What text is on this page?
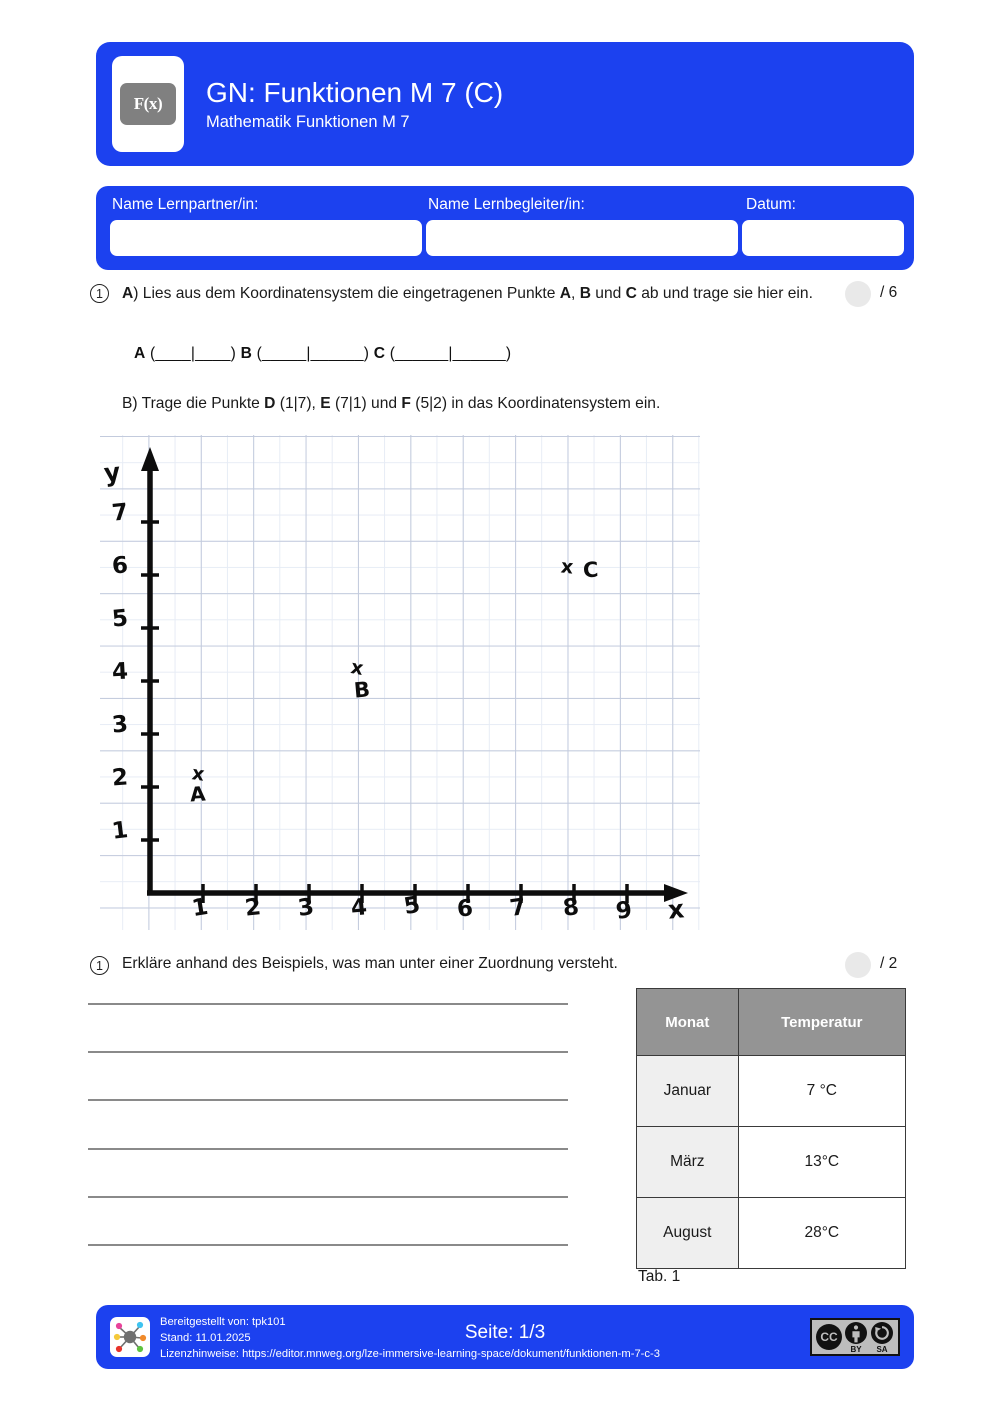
F(x)	GN: Funktionen M 7 (C)
Mathematik Funktionen M 7
Name Lernpartner/in:	Name Lernbegleiter/in:	Datum:
1	A) Lies aus dem Koordinatensystem die eingetragenen Punkte A, B und C ab und trage sie hier ein.	/ 6
A (____|____) B (_____|______) C (______|______)
B) Trage die Punkte D (1|7), E (7|1) und F (5|2) in das Koordinatensystem ein.
7
6
5
4
3
2
1
y
1 2 3 4 5 6 7 8 9 x
x
A
x
B
x C
1	Erkläre anhand des Beispiels, was man unter einer Zuordnung versteht.	/ 2
Monat	Temperatur
Januar	7 °C
März	13°C
August	28°C
Tab. 1
Bereitgestellt von: tpk101
Stand: 11.01.2025
Lizenzhinweise: https://editor.mnweg.org/lze-immersive-learning-space/dokument/funktionen-m-7-c-3
Seite: 1/3	CC
BY SA
